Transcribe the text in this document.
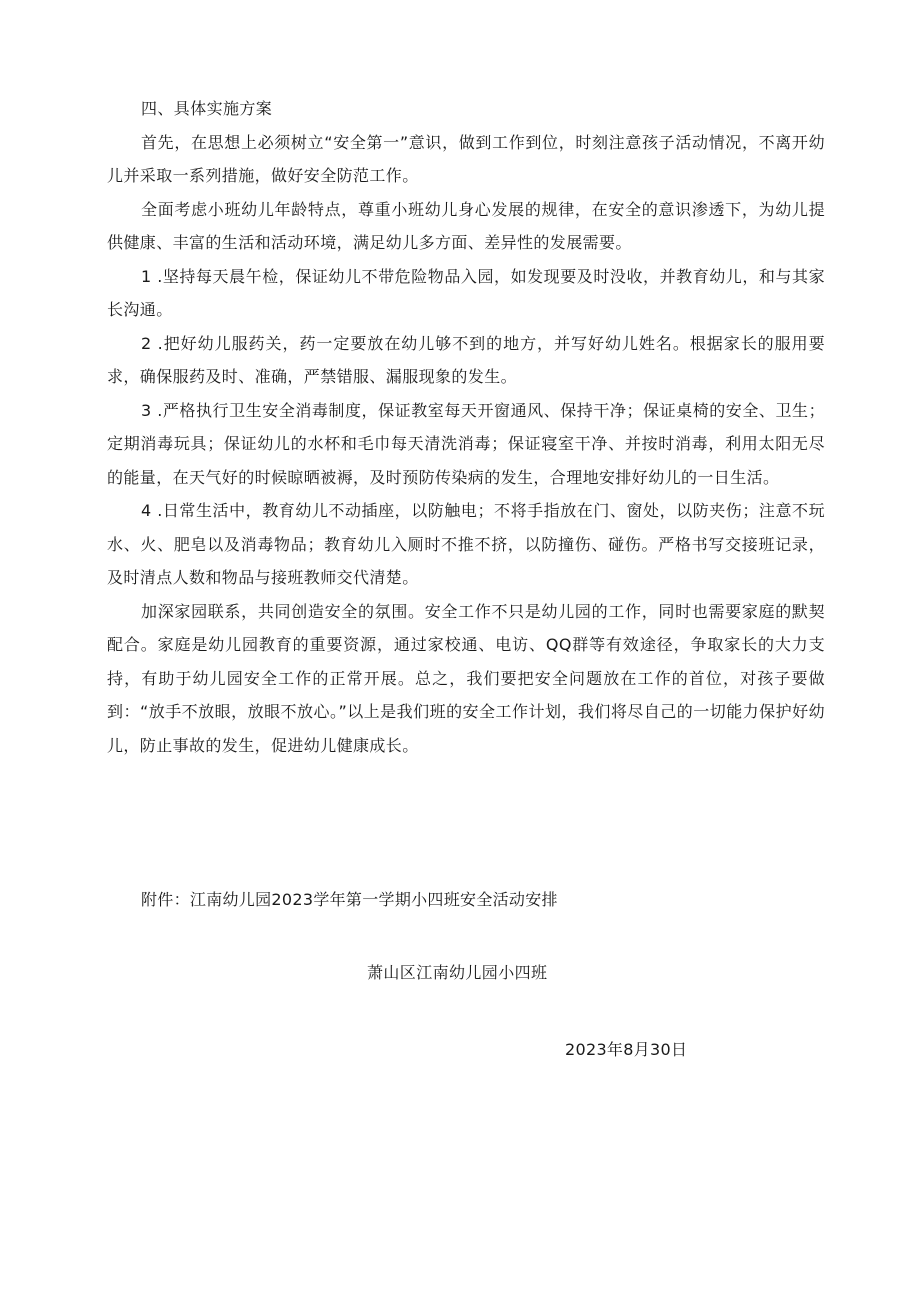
四、具体实施方案

首先，在思想上必须树立“安全第一”意识，做到工作到位，时刻注意孩子活动情况，不离开幼儿并采取一系列措施，做好安全防范工作。

全面考虑小班幼儿年龄特点，尊重小班幼儿身心发展的规律，在安全的意识渗透下，为幼儿提供健康、丰富的生活和活动环境，满足幼儿多方面、差异性的发展需要。

1 .坚持每天晨午检，保证幼儿不带危险物品入园，如发现要及时没收，并教育幼儿，和与其家长沟通。

2 .把好幼儿服药关，药一定要放在幼儿够不到的地方，并写好幼儿姓名。根据家长的服用要求，确保服药及时、准确，严禁错服、漏服现象的发生。

3 .严格执行卫生安全消毒制度，保证教室每天开窗通风、保持干净；保证桌椅的安全、卫生；定期消毒玩具；保证幼儿的水杯和毛巾每天清洗消毒；保证寝室干净、并按时消毒，利用太阳无尽的能量，在天气好的时候晾晒被褥，及时预防传染病的发生，合理地安排好幼儿的一日生活。

4 .日常生活中，教育幼儿不动插座，以防触电；不将手指放在门、窗处，以防夹伤；注意不玩水、火、肥皂以及消毒物品；教育幼儿入厕时不推不挤，以防撞伤、碰伤。严格书写交接班记录，及时清点人数和物品与接班教师交代清楚。

加深家园联系，共同创造安全的氛围。安全工作不只是幼儿园的工作，同时也需要家庭的默契配合。家庭是幼儿园教育的重要资源，通过家校通、电访、QQ群等有效途径，争取家长的大力支持，有助于幼儿园安全工作的正常开展。总之，我们要把安全问题放在工作的首位，对孩子要做到：“放手不放眼，放眼不放心。”以上是我们班的安全工作计划，我们将尽自己的一切能力保护好幼儿，防止事故的发生，促进幼儿健康成长。

附件：江南幼儿园2023学年第一学期小四班安全活动安排
萧山区江南幼儿园小四班
2023年8月30日
